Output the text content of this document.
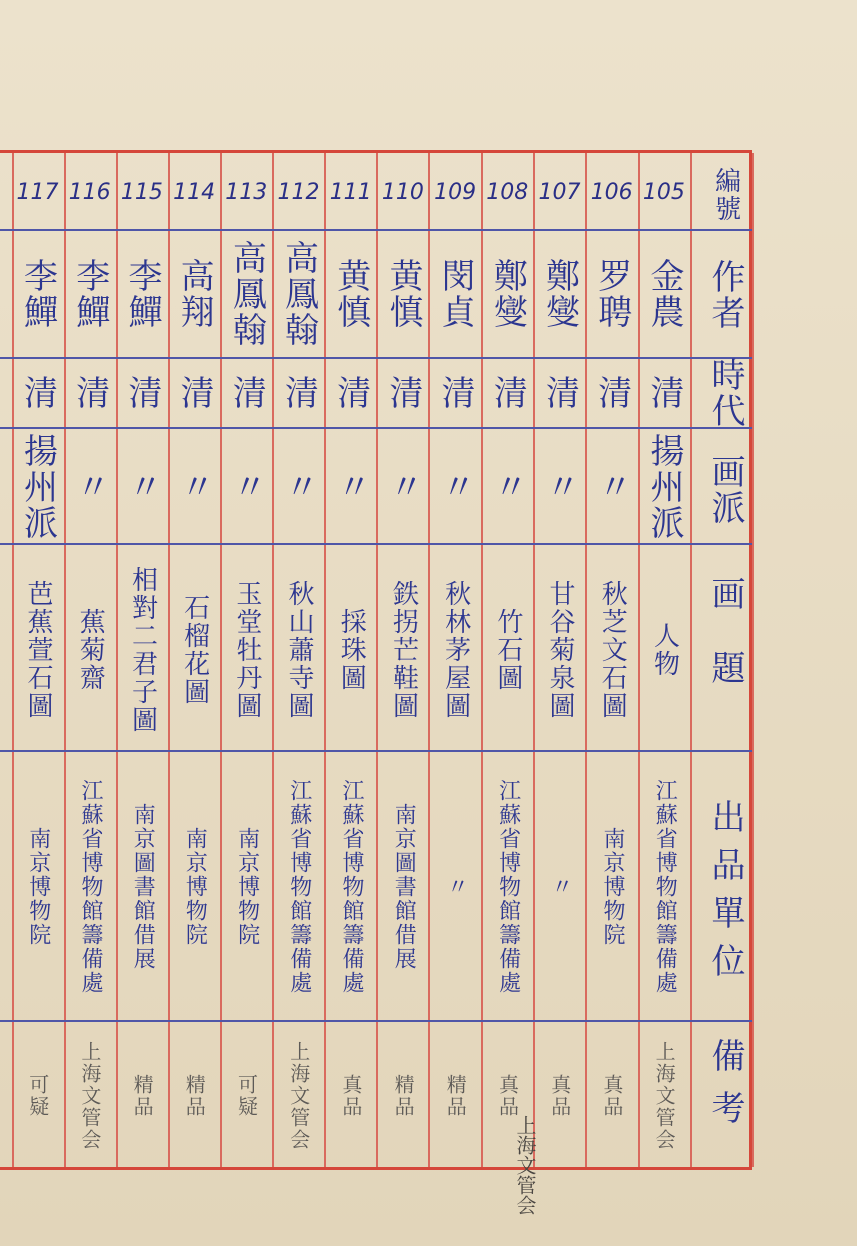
編號
作者
時代
画派
画題
出品單位
備考
105
金農
清
揚州派
人物
江蘇省博物館籌備處
上海文管会
106
罗聘
清
〃
秋芝文石圖
南京博物院
真品
107
鄭燮
清
〃
甘谷菊泉圖
〃
真品
108
鄭燮
清
〃
竹石圖
江蘇省博物館籌備處
真品
109
閔貞
清
〃
秋林茅屋圖
〃
精品
110
黄慎
清
〃
鉄拐芒鞋圖
南京圖書館借展
精品
111
黄慎
清
〃
採珠圖
江蘇省博物館籌備處
真品
112
高鳳翰
清
〃
秋山蕭寺圖
江蘇省博物館籌備處
上海文管会
113
高鳳翰
清
〃
玉堂牡丹圖
南京博物院
可疑
114
高翔
清
〃
石榴花圖
南京博物院
精品
115
李鱓
清
〃
相對二君子圖
南京圖書館借展
精品
116
李鱓
清
〃
蕉菊齋
江蘇省博物館籌備處
上海文管会
117
李鱓
清
揚州派
芭蕉萱石圖
南京博物院
可疑
上海文管会
